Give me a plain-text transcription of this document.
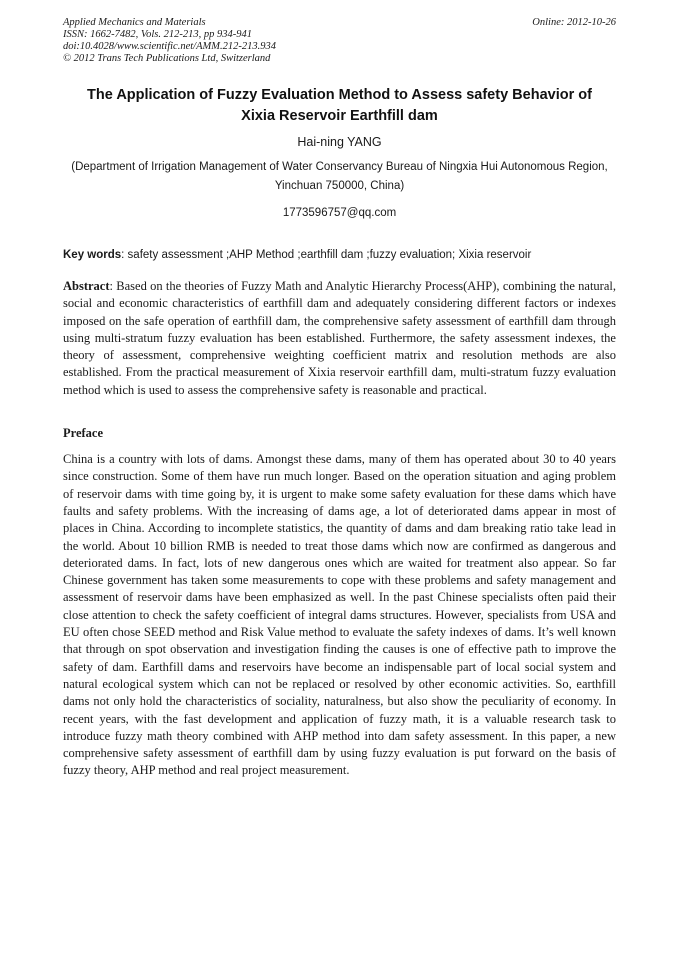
Applied Mechanics and Materials
ISSN: 1662-7482, Vols. 212-213, pp 934-941
doi:10.4028/www.scientific.net/AMM.212-213.934
© 2012 Trans Tech Publications Ltd, Switzerland
Online: 2012-10-26
The Application of Fuzzy Evaluation Method to Assess safety Behavior of Xixia Reservoir Earthfill dam
Hai-ning YANG
(Department of Irrigation Management of Water Conservancy Bureau of Ningxia Hui Autonomous Region, Yinchuan 750000, China)
1773596757@qq.com

Key words: safety assessment ;AHP Method ;earthfill dam ;fuzzy evaluation; Xixia reservoir

Abstract: Based on the theories of Fuzzy Math and Analytic Hierarchy Process(AHP), combining the natural, social and economic characteristics of earthfill dam and adequately considering different factors or indexes imposed on the safe operation of earthfill dam, the comprehensive safety assessment of earthfill dam through using multi-stratum fuzzy evaluation has been established. Furthermore, the safety assessment indexes, the theory of assessment, comprehensive weighting coefficient matrix and resolution methods are also established. From the practical measurement of Xixia reservoir earthfill dam, multi-stratum fuzzy evaluation method which is used to assess the comprehensive safety is reasonable and practical.

Preface

China is a country with lots of dams. Amongst these dams, many of them has operated about 30 to 40 years since construction. Some of them have run much longer. Based on the operation situation and aging problem of reservoir dams with time going by, it is urgent to make some safety evaluation for these dams which have faults and safety problems. With the increasing of dams age, a lot of deteriorated dams appear in most of places in China. According to incomplete statistics, the quantity of dams and dam breaking ratio take lead in the world. About 10 billion RMB is needed to treat those dams which now are confirmed as dangerous and deteriorated dams. In fact, lots of new dangerous ones which are waited for treatment also appear. So far Chinese government has taken some measurements to cope with these problems and safety management and assessment of reservoir dams have been emphasized as well. In the past Chinese specialists often paid their close attention to check the safety coefficient of integral dams structures. However, specialists from USA and EU often chose SEED method and Risk Value method to evaluate the safety indexes of dams. It’s well known that through on spot observation and investigation finding the causes is one of effective path to improve the safety of dam. Earthfill dams and reservoirs have become an indispensable part of local social system and natural ecological system which can not be replaced or resolved by other economic activities. So, earthfill dams not only hold the characteristics of sociality, naturalness, but also show the peculiarity of economy. In recent years, with the fast development and application of fuzzy math, it is a valuable research task to introduce fuzzy math theory combined with AHP method into dam safety assessment. In this paper, a new comprehensive safety assessment of earthfill dam by using fuzzy evaluation is put forward on the basis of fuzzy theory, AHP method and real project measurement.
